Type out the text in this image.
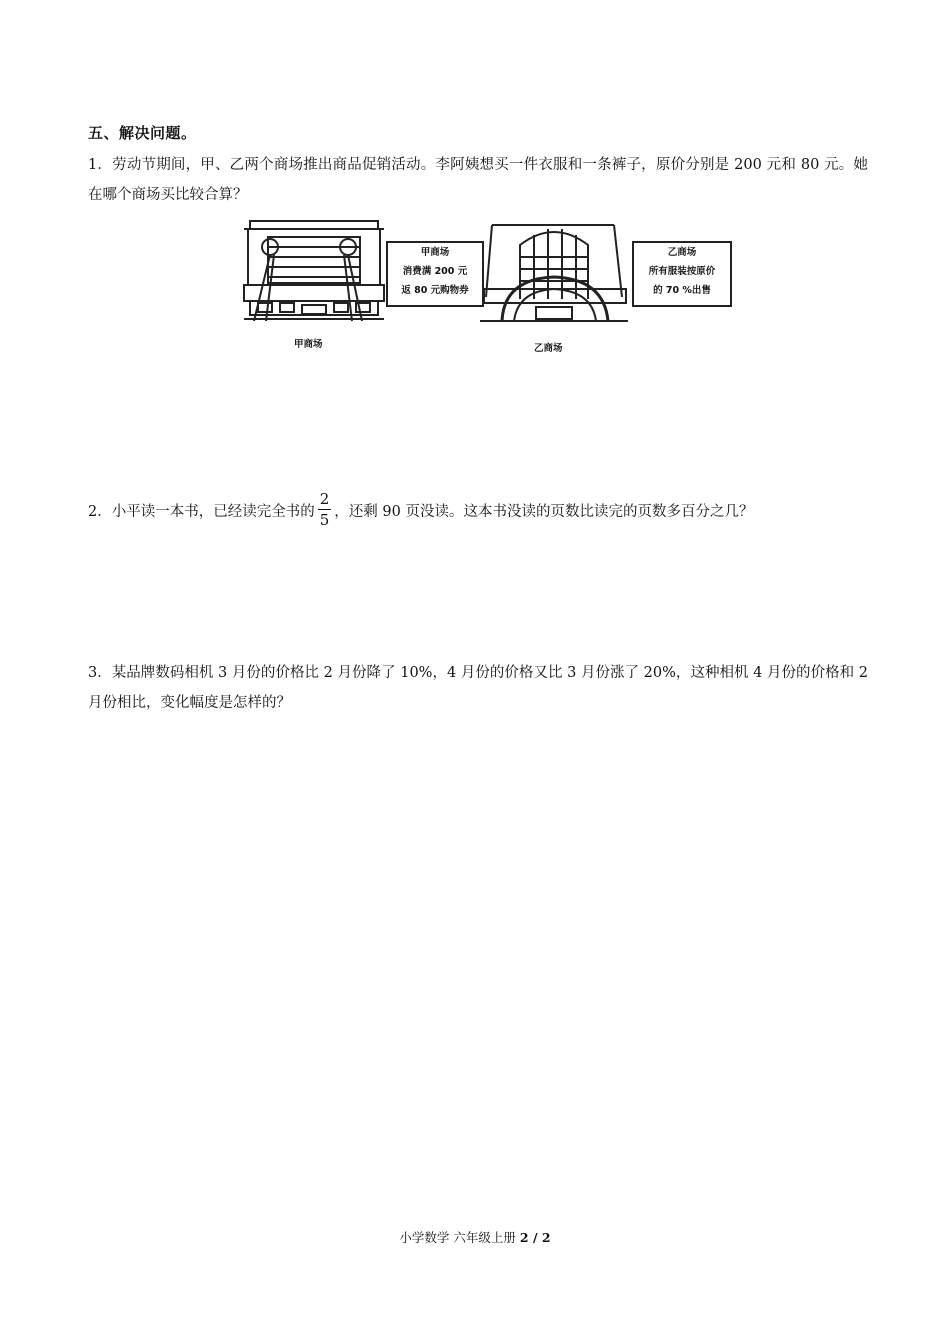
五、解决问题。
1．劳动节期间，甲、乙两个商场推出商品促销活动。李阿姨想买一件衣服和一条裤子，原价分别是 200 元和 80 元。她在哪个商场买比较合算？
甲商场
消费满 200 元
返 80 元购物券
乙商场
所有服装按原价
的 70 %出售
甲商场	乙商场
2．小平读一本书，已经读完全书的 $\frac{2}{5}$ ，还剩 90 页没读。这本书没读的页数比读完的页数多百分之几？
3．某品牌数码相机 3 月份的价格比 2 月份降了 10%，4 月份的价格又比 3 月份涨了 20%，这种相机 4 月份的价格和 2 月份相比，变化幅度是怎样的？
小学数学 六年级上册 2 / 2
